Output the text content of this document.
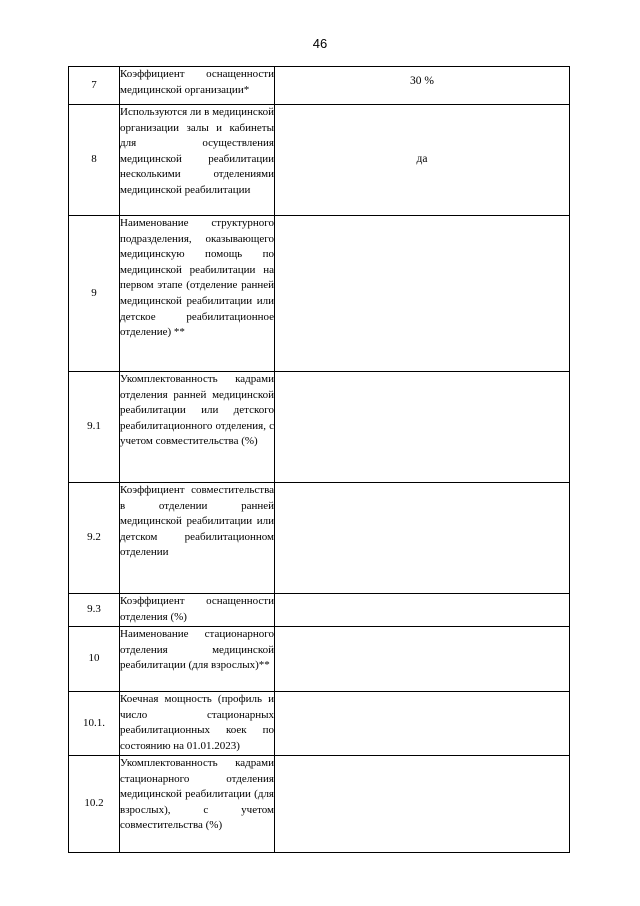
46
7	Коэффициент оснащенности медицинской организации*	30 %
8	Используются ли в медицинской организации залы и кабинеты для осуществления медицинской реабилитации несколькими отделениями медицинской реабилитации	да
9	Наименование структурного подразделения, оказывающего медицинскую помощь по медицинской реабилитации на первом этапе (отделение ранней медицинской реабилитации или детское реабилитационное отделение) **	
9.1	Укомплектованность кадрами отделения ранней медицинской реабилитации или детского реабилитационного отделения, с учетом совместительства (%)	
9.2	Коэффициент совместительства в отделении ранней медицинской реабилитации или детском реабилитационном отделении	
9.3	Коэффициент оснащенности отделения (%)	
10	Наименование стационарного отделения медицинской реабилитации (для взрослых)**	
10.1.	Коечная мощность (профиль и число стационарных реабилитационных коек по состоянию на 01.01.2023)	
10.2	Укомплектованность кадрами стационарного отделения медицинской реабилитации (для взрослых), с учетом совместительства (%)	
